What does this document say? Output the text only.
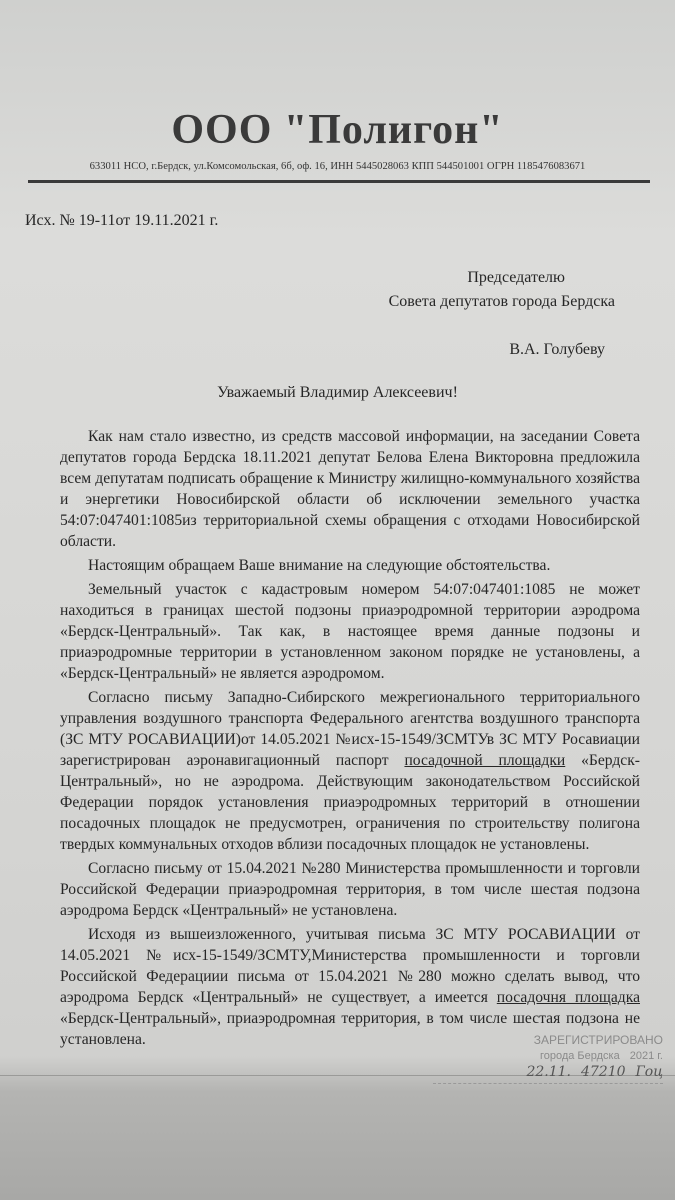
ООО "Полигон"
633011 НСО, г.Бердск, ул.Комсомольская, 6б, оф. 16, ИНН 5445028063 КПП 544501001 ОГРН 1185476083671
Исх. № 19-11от 19.11.2021 г.
Председателю
Совета депутатов города Бердска
В.А. Голубеву
Уважаемый Владимир Алексеевич!

Как нам стало известно, из средств массовой информации, на заседании Совета депутатов города Бердска 18.11.2021 депутат Белова Елена Викторовна предложила всем депутатам подписать обращение к Министру жилищно-коммунального хозяйства и энергетики Новосибирской области об исключении земельного участка 54:07:047401:1085из территориальной схемы обращения с отходами Новосибирской области.

Настоящим обращаем Ваше внимание на следующие обстоятельства.

Земельный участок с кадастровым номером 54:07:047401:1085 не может находиться в границах шестой подзоны приаэродромной территории аэродрома «Бердск-Центральный». Так как, в настоящее время данные подзоны и приаэродромные территории в установленном законом порядке не установлены, а «Бердск-Центральный» не является аэродромом.

Согласно письму Западно-Сибирского межрегионального территориального управления воздушного транспорта Федерального агентства воздушного транспорта (ЗС МТУ РОСАВИАЦИИ)от 14.05.2021 №исх-15-1549/ЗСМТУв ЗС МТУ Росавиации зарегистрирован аэронавигационный паспорт посадочной площадки «Бердск-Центральный», но не аэродрома. Действующим законодательством Российской Федерации порядок установления приаэродромных территорий в отношении посадочных площадок не предусмотрен, ограничения по строительству полигона твердых коммунальных отходов вблизи посадочных площадок не установлены.

Согласно письму от 15.04.2021 №280 Министерства промышленности и торговли Российской Федерации приаэродромная территория, в том числе шестая подзона аэродрома Бердск «Центральный» не установлена.

Исходя из вышеизложенного, учитывая письма ЗС МТУ РОСАВИАЦИИ от 14.05.2021 №исх-15-1549/ЗСМТУ,Министерства промышленности и торговли Российской Федерациии письма от 15.04.2021 №280 можно сделать вывод, что аэродрома Бердск «Центральный» не существует, а имеется посадочня площадка «Бердск-Центральный», приаэродромная территория, в том числе шестая подзона не установлена.	ЗАРЕГИСТРИРОВАНО
города Бердска 2021 г.
22.11. 47210 Гоц
